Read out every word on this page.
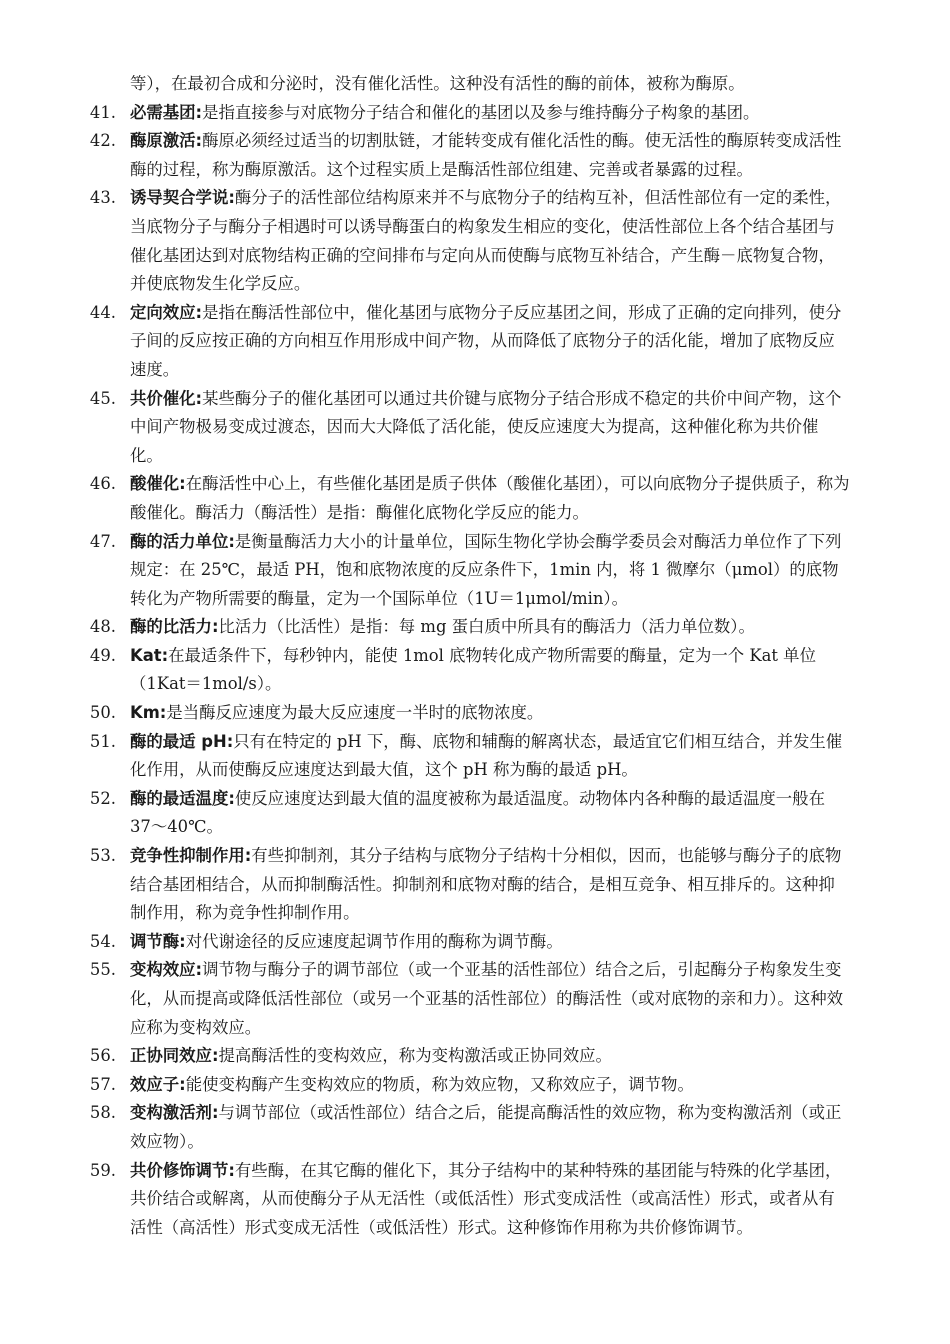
等），在最初合成和分泌时，没有催化活性。这种没有活性的酶的前体，被称为酶原。
41. 必需基团:是指直接参与对底物分子结合和催化的基团以及参与维持酶分子构象的基团。
42. 酶原激活:酶原必须经过适当的切割肽链，才能转变成有催化活性的酶。使无活性的酶原转变成活性酶的过程，称为酶原激活。这个过程实质上是酶活性部位组建、完善或者暴露的过程。
43. 诱导契合学说:酶分子的活性部位结构原来并不与底物分子的结构互补，但活性部位有一定的柔性，当底物分子与酶分子相遇时可以诱导酶蛋白的构象发生相应的变化，使活性部位上各个结合基团与催化基团达到对底物结构正确的空间排布与定向从而使酶与底物互补结合，产生酶－底物复合物，并使底物发生化学反应。
44. 定向效应:是指在酶活性部位中，催化基团与底物分子反应基团之间，形成了正确的定向排列，使分子间的反应按正确的方向相互作用形成中间产物，从而降低了底物分子的活化能，增加了底物反应速度。
45. 共价催化:某些酶分子的催化基团可以通过共价键与底物分子结合形成不稳定的共价中间产物，这个中间产物极易变成过渡态，因而大大降低了活化能，使反应速度大为提高，这种催化称为共价催化。
46. 酸催化:在酶活性中心上，有些催化基团是质子供体（酸催化基团），可以向底物分子提供质子，称为酸催化。酶活力（酶活性）是指：酶催化底物化学反应的能力。
47. 酶的活力单位:是衡量酶活力大小的计量单位，国际生物化学协会酶学委员会对酶活力单位作了下列规定：在 25℃，最适 PH，饱和底物浓度的反应条件下，1min 内，将 1 微摩尔（μmol）的底物转化为产物所需要的酶量，定为一个国际单位（1U＝1μmol/min）。
48. 酶的比活力:比活力（比活性）是指：每 mg 蛋白质中所具有的酶活力（活力单位数）。
49. Kat:在最适条件下，每秒钟内，能使 1mol 底物转化成产物所需要的酶量，定为一个 Kat 单位（1Kat＝1mol/s）。
50. Km:是当酶反应速度为最大反应速度一半时的底物浓度。
51. 酶的最适 pH:只有在特定的 pH 下，酶、底物和辅酶的解离状态，最适宜它们相互结合，并发生催化作用，从而使酶反应速度达到最大值，这个 pH 称为酶的最适 pH。
52. 酶的最适温度:使反应速度达到最大值的温度被称为最适温度。动物体内各种酶的最适温度一般在 37～40℃。
53. 竞争性抑制作用:有些抑制剂，其分子结构与底物分子结构十分相似，因而，也能够与酶分子的底物结合基团相结合，从而抑制酶活性。抑制剂和底物对酶的结合，是相互竞争、相互排斥的。这种抑制作用，称为竞争性抑制作用。
54. 调节酶:对代谢途径的反应速度起调节作用的酶称为调节酶。
55. 变构效应:调节物与酶分子的调节部位（或一个亚基的活性部位）结合之后，引起酶分子构象发生变化，从而提高或降低活性部位（或另一个亚基的活性部位）的酶活性（或对底物的亲和力）。这种效应称为变构效应。
56. 正协同效应:提高酶活性的变构效应，称为变构激活或正协同效应。
57. 效应子:能使变构酶产生变构效应的物质，称为效应物，又称效应子，调节物。
58. 变构激活剂:与调节部位（或活性部位）结合之后，能提高酶活性的效应物，称为变构激活剂（或正效应物）。
59. 共价修饰调节:有些酶，在其它酶的催化下，其分子结构中的某种特殊的基团能与特殊的化学基团，共价结合或解离，从而使酶分子从无活性（或低活性）形式变成活性（或高活性）形式，或者从有活性（高活性）形式变成无活性（或低活性）形式。这种修饰作用称为共价修饰调节。
